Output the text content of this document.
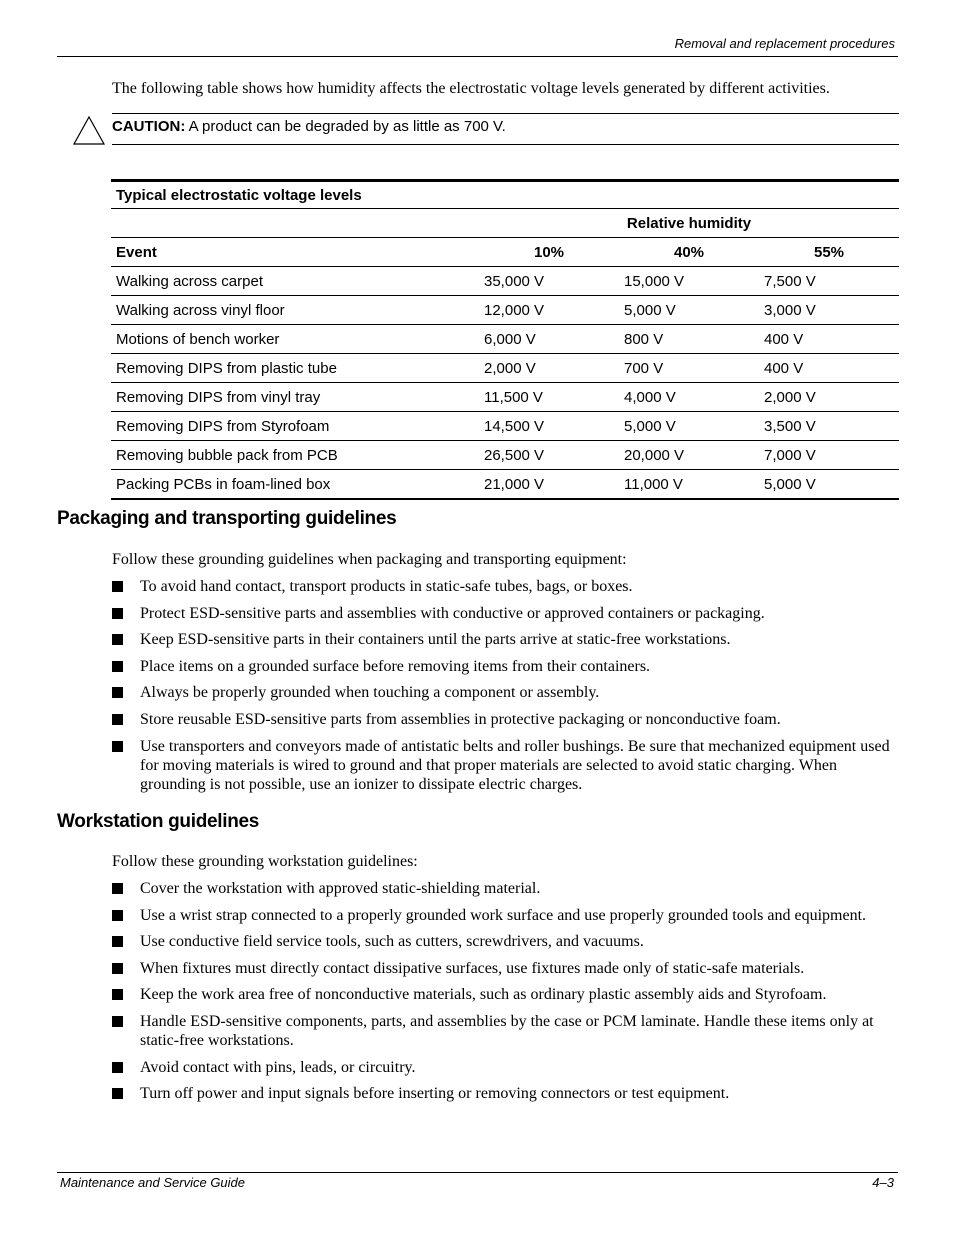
Removal and replacement procedures
The following table shows how humidity affects the electrostatic voltage levels generated by different activities.
CAUTION: A product can be degraded by as little as 700 V.
Typical electrostatic voltage levels			
	Relative humidity		
Event	10%	40%	55%
Walking across carpet	35,000 V	15,000 V	7,500 V
Walking across vinyl floor	12,000 V	5,000 V	3,000 V
Motions of bench worker	6,000 V	800 V	400 V
Removing DIPS from plastic tube	2,000 V	700 V	400 V
Removing DIPS from vinyl tray	11,500 V	4,000 V	2,000 V
Removing DIPS from Styrofoam	14,500 V	5,000 V	3,500 V
Removing bubble pack from PCB	26,500 V	20,000 V	7,000 V
Packing PCBs in foam-lined box	21,000 V	11,000 V	5,000 V
Packaging and transporting guidelines
Follow these grounding guidelines when packaging and transporting equipment:
To avoid hand contact, transport products in static-safe tubes, bags, or boxes.
Protect ESD-sensitive parts and assemblies with conductive or approved containers or packaging.
Keep ESD-sensitive parts in their containers until the parts arrive at static-free workstations.
Place items on a grounded surface before removing items from their containers.
Always be properly grounded when touching a component or assembly.
Store reusable ESD-sensitive parts from assemblies in protective packaging or nonconductive foam.
Use transporters and conveyors made of antistatic belts and roller bushings. Be sure that mechanized equipment used for moving materials is wired to ground and that proper materials are selected to avoid static charging. When grounding is not possible, use an ionizer to dissipate electric charges.
Workstation guidelines
Follow these grounding workstation guidelines:
Cover the workstation with approved static-shielding material.
Use a wrist strap connected to a properly grounded work surface and use properly grounded tools and equipment.
Use conductive field service tools, such as cutters, screwdrivers, and vacuums.
When fixtures must directly contact dissipative surfaces, use fixtures made only of static-safe materials.
Keep the work area free of nonconductive materials, such as ordinary plastic assembly aids and Styrofoam.
Handle ESD-sensitive components, parts, and assemblies by the case or PCM laminate. Handle these items only at static-free workstations.
Avoid contact with pins, leads, or circuitry.
Turn off power and input signals before inserting or removing connectors or test equipment.
Maintenance and Service Guide	4–3
